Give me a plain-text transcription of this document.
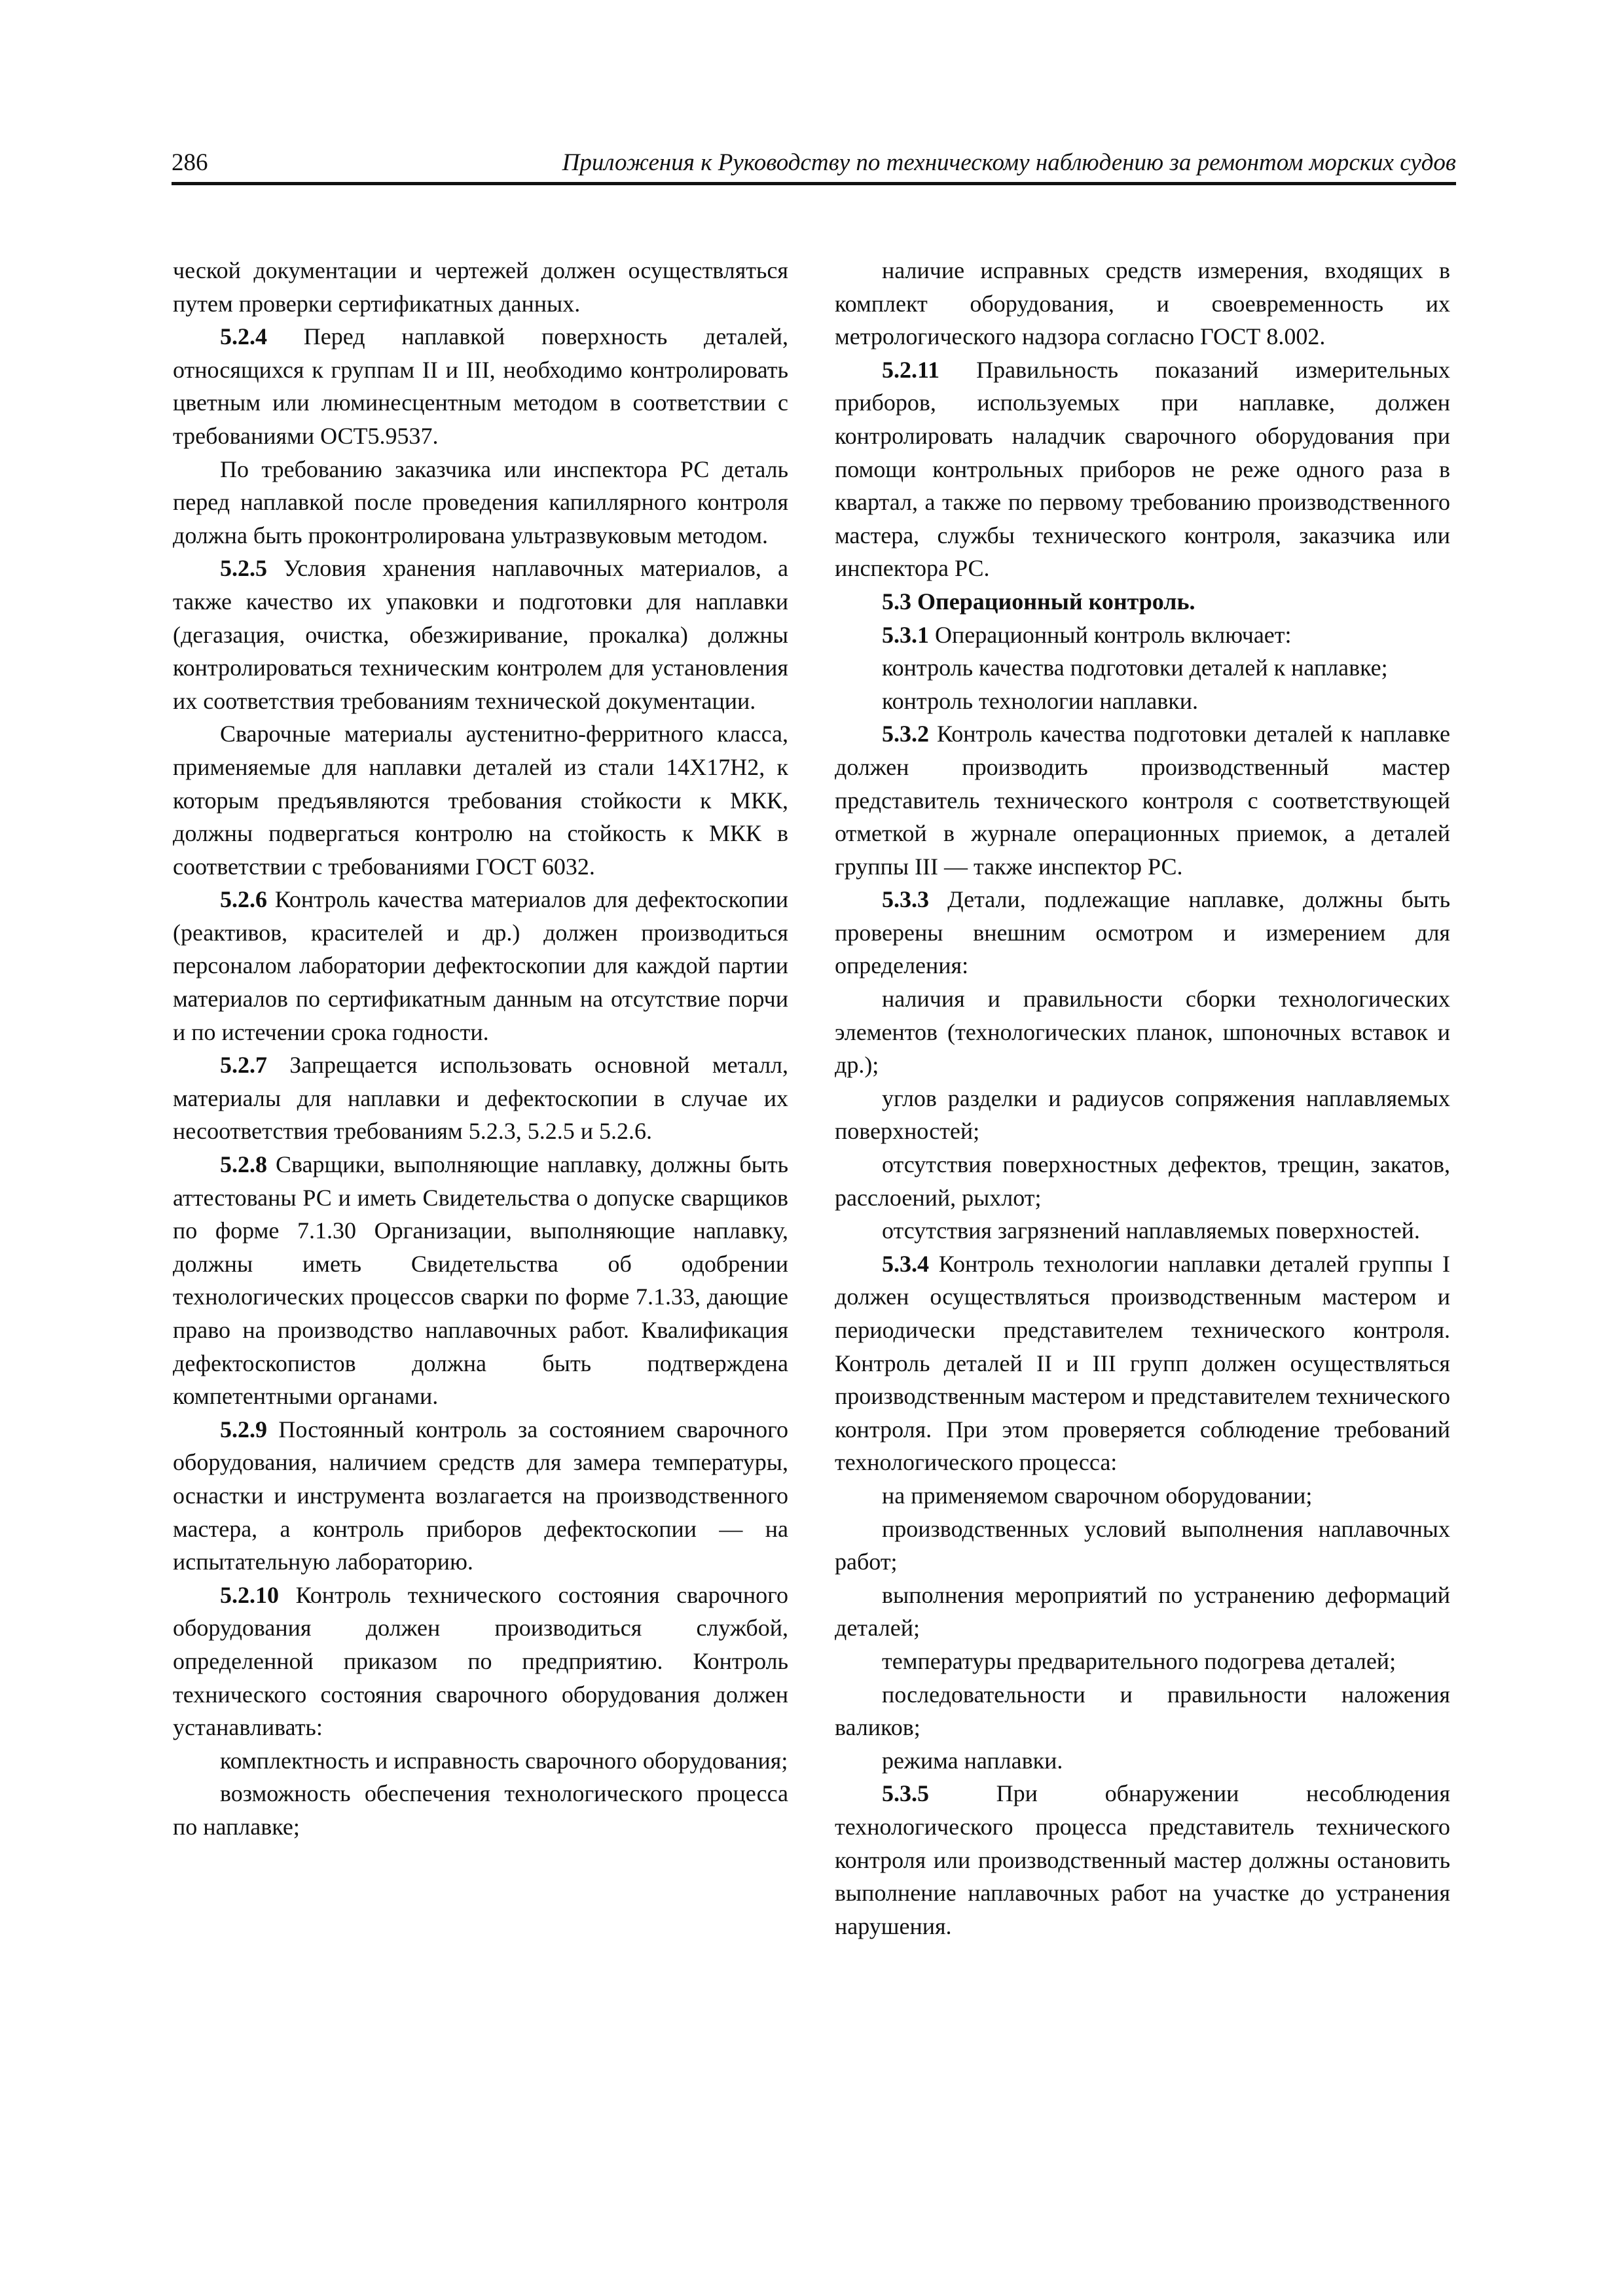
286	Приложения к Руководству по техническому наблюдению за ремонтом морских судов

ческой документации и чертежей должен осуществляться путем проверки сертификатных данных.

5.2.4 Перед наплавкой поверхность деталей, относящихся к группам II и III, необходимо контролировать цветным или люминесцентным методом в соответствии с требованиями ОСТ5.9537.

По требованию заказчика или инспектора РС деталь перед наплавкой после проведения капиллярного контроля должна быть проконтролирована ультразвуковым методом.

5.2.5 Условия хранения наплавочных материалов, а также качество их упаковки и подготовки для наплавки (дегазация, очистка, обезжиривание, прокалка) должны контролироваться техническим контролем для установления их соответствия требованиям технической документации.

Сварочные материалы аустенитно-ферритного класса, применяемые для наплавки деталей из стали 14Х17Н2, к которым предъявляются требования стойкости к МКК, должны подвергаться контролю на стойкость к МКК в соответствии с требованиями ГОСТ 6032.

5.2.6 Контроль качества материалов для дефектоскопии (реактивов, красителей и др.) должен производиться персоналом лаборатории дефектоскопии для каждой партии материалов по сертификатным данным на отсутствие порчи и по истечении срока годности.

5.2.7 Запрещается использовать основной металл, материалы для наплавки и дефектоскопии в случае их несоответствия требованиям 5.2.3, 5.2.5 и 5.2.6.

5.2.8 Сварщики, выполняющие наплавку, должны быть аттестованы РС и иметь Свидетельства о допуске сварщиков по форме 7.1.30 Организации, выполняющие наплавку, должны иметь Свидетельства об одобрении технологических процессов сварки по форме 7.1.33, дающие право на производство наплавочных работ. Квалификация дефектоскопистов должна быть подтверждена компетентными органами.

5.2.9 Постоянный контроль за состоянием сварочного оборудования, наличием средств для замера температуры, оснастки и инструмента возлагается на производственного мастера, а контроль приборов дефектоскопии — на испытательную лабораторию.

5.2.10 Контроль технического состояния сварочного оборудования должен производиться службой, определенной приказом по предприятию. Контроль технического состояния сварочного оборудования должен устанавливать:

комплектность и исправность сварочного оборудования;

возможность обеспечения технологического процесса по наплавке;

наличие исправных средств измерения, входящих в комплект оборудования, и своевременность их метрологического надзора согласно ГОСТ 8.002.

5.2.11 Правильность показаний измерительных приборов, используемых при наплавке, должен контролировать наладчик сварочного оборудования при помощи контрольных приборов не реже одного раза в квартал, а также по первому требованию производственного мастера, службы технического контроля, заказчика или инспектора РС.

5.3 Операционный контроль.

5.3.1 Операционный контроль включает:

контроль качества подготовки деталей к наплавке;

контроль технологии наплавки.

5.3.2 Контроль качества подготовки деталей к наплавке должен производить производственный мастер представитель технического контроля с соответствующей отметкой в журнале операционных приемок, а деталей группы III — также инспектор РС.

5.3.3 Детали, подлежащие наплавке, должны быть проверены внешним осмотром и измерением для определения:

наличия и правильности сборки технологических элементов (технологических планок, шпоночных вставок и др.);

углов разделки и радиусов сопряжения наплавляемых поверхностей;

отсутствия поверхностных дефектов, трещин, закатов, расслоений, рыхлот;

отсутствия загрязнений наплавляемых поверхностей.

5.3.4 Контроль технологии наплавки деталей группы I должен осуществляться производственным мастером и периодически представителем технического контроля. Контроль деталей II и III групп должен осуществляться производственным мастером и представителем технического контроля. При этом проверяется соблюдение требований технологического процесса:

на применяемом сварочном оборудовании;

производственных условий выполнения наплавочных работ;

выполнения мероприятий по устранению деформаций деталей;

температуры предварительного подогрева деталей;

последовательности и правильности наложения валиков;

режима наплавки.

5.3.5	При обнаружении несоблюдения технологического процесса представитель технического контроля или производственный мастер должны остановить выполнение наплавочных работ на участке до устранения нарушения.
